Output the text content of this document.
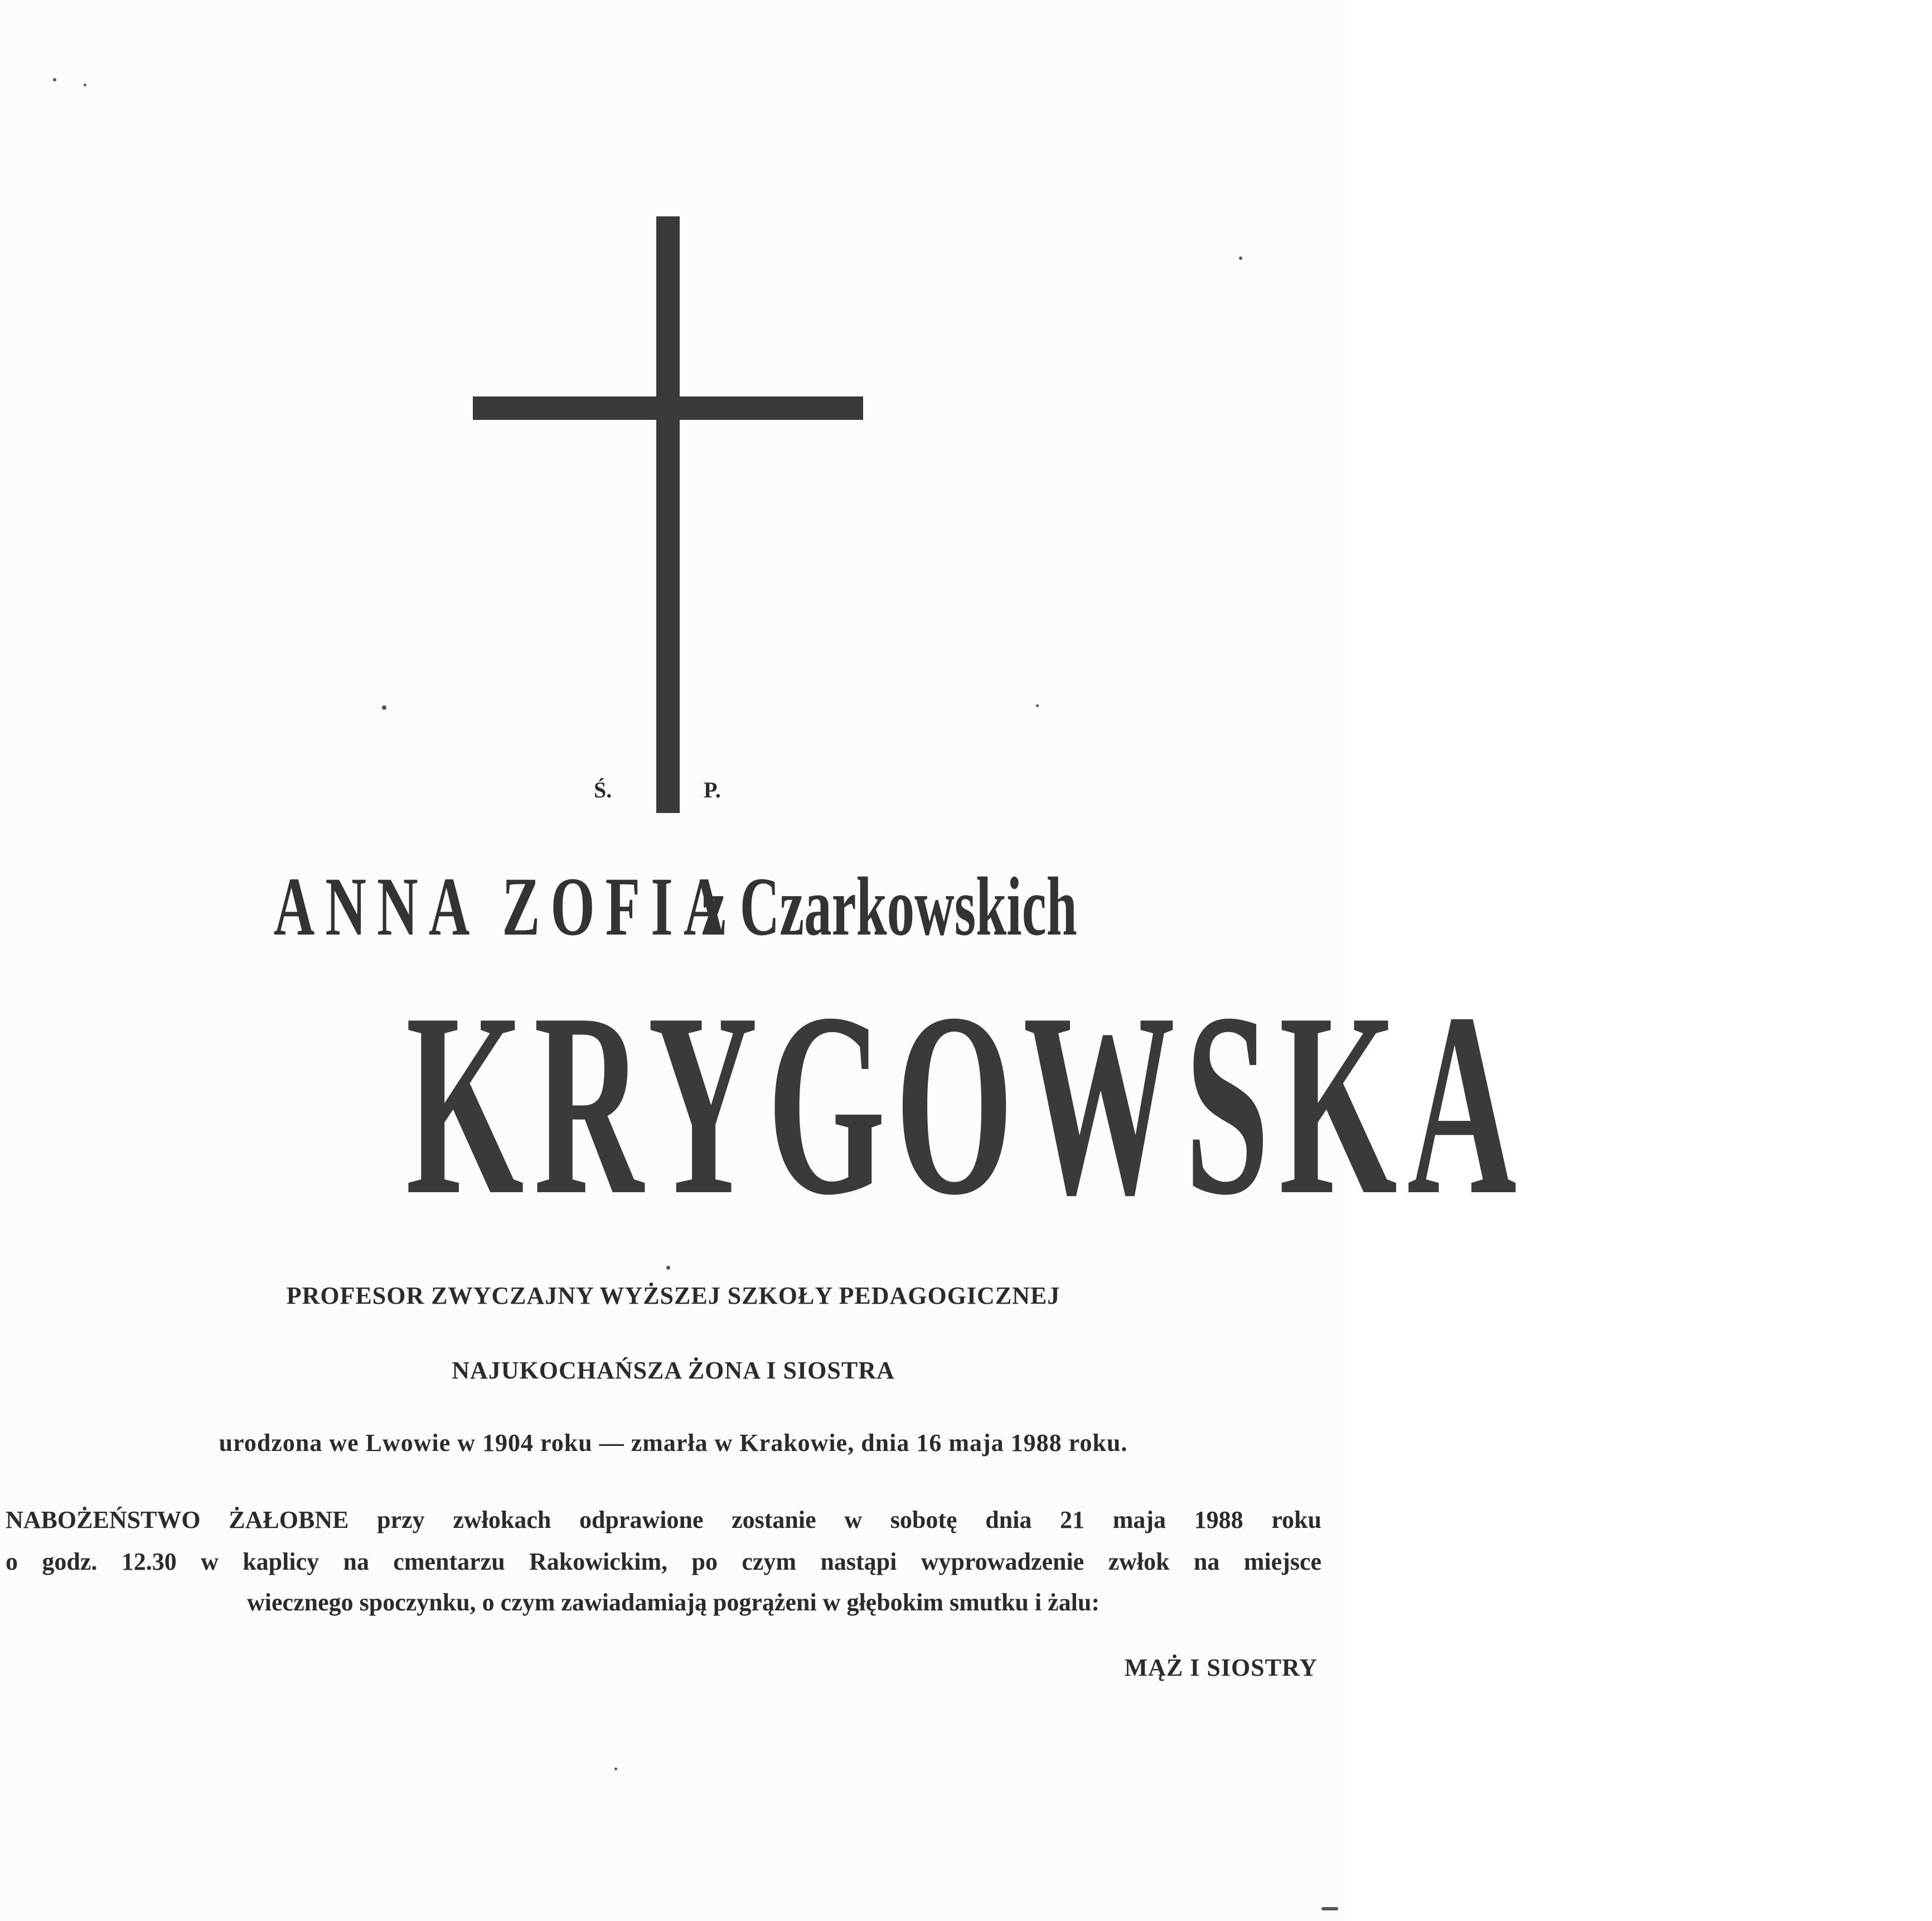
Ś.	P.
ANNA ZOFIA
z Czarkowskich
KRYGOWSKA
PROFESOR ZWYCZAJNY WYŻSZEJ SZKOŁY PEDAGOGICZNEJ
NAJUKOCHAŃSZA ŻONA I SIOSTRA
urodzona we Lwowie w 1904 roku — zmarła w Krakowie, dnia 16 maja 1988 roku.
NABOŻEŃSTWO ŻAŁOBNE przy zwłokach odprawione zostanie w sobotę dnia 21 maja 1988 roku
o godz. 12.30 w kaplicy na cmentarzu Rakowickim, po czym nastąpi wyprowadzenie zwłok na miejsce
wiecznego spoczynku, o czym zawiadamiają pogrążeni w głębokim smutku i żalu:
MĄŻ I SIOSTRY
